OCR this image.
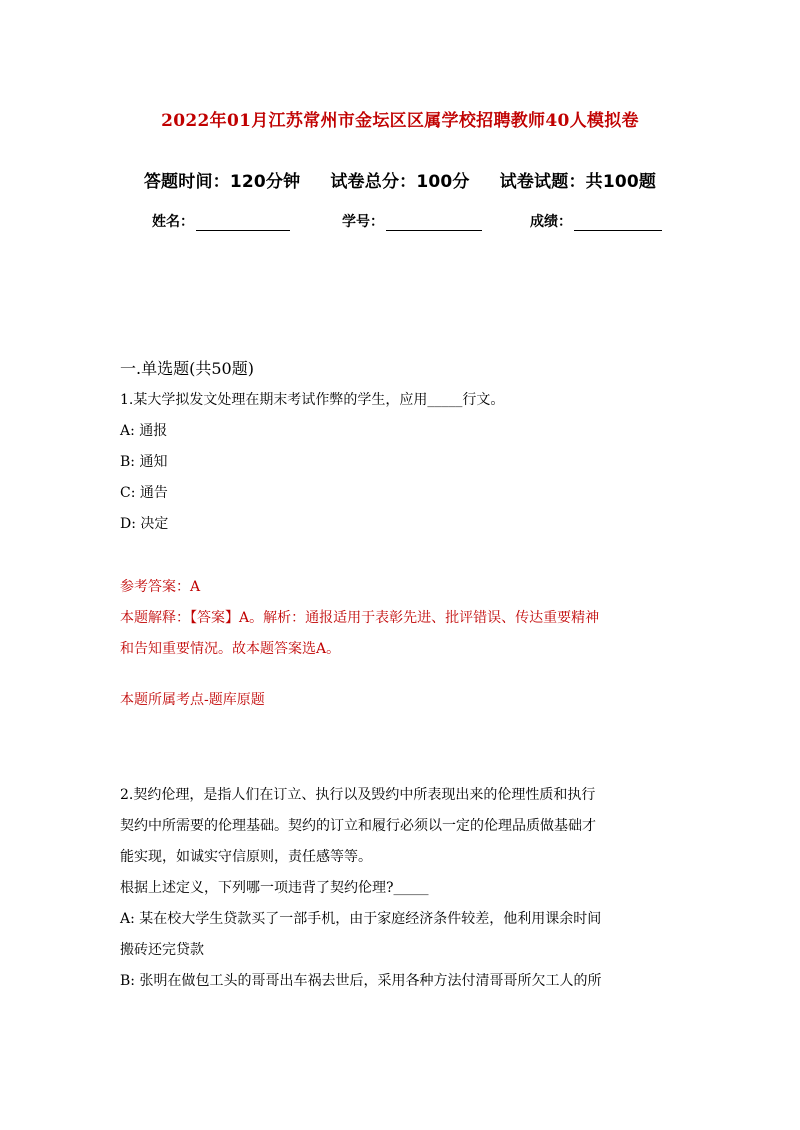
2022年01月江苏常州市金坛区区属学校招聘教师40人模拟卷
答题时间：120分钟 试卷总分：100分 试卷试题：共100题
姓名：	学号：	成绩：
一.单选题(共50题)
1.某大学拟发文处理在期末考试作弊的学生，应用_____行文。
A: 通报
B: 通知
C: 通告
D: 决定
参考答案：A
本题解释：【答案】A。解析：通报适用于表彰先进、批评错误、传达重要精神
和告知重要情况。故本题答案选A。
本题所属考点-题库原题
2.契约伦理，是指人们在订立、执行以及毁约中所表现出来的伦理性质和执行
契约中所需要的伦理基础。契约的订立和履行必须以一定的伦理品质做基础才
能实现，如诚实守信原则，责任感等等。
根据上述定义，下列哪一项违背了契约伦理?_____
A: 某在校大学生贷款买了一部手机，由于家庭经济条件较差，他利用课余时间
搬砖还完贷款
B: 张明在做包工头的哥哥出车祸去世后，采用各种方法付清哥哥所欠工人的所
